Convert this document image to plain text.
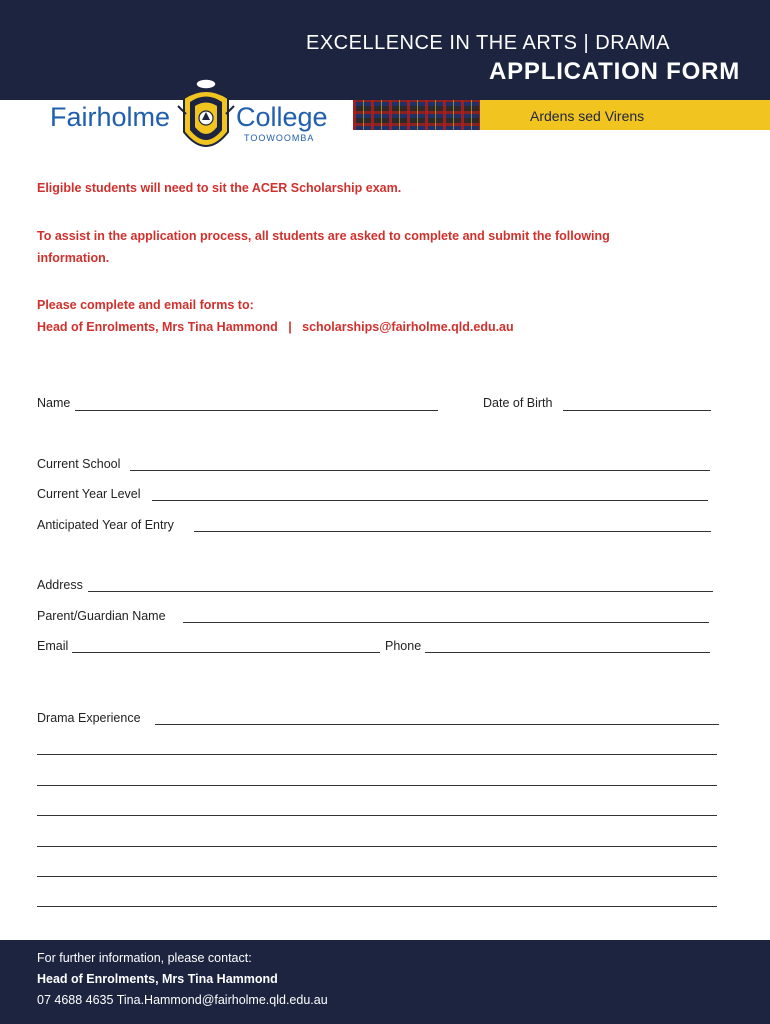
EXCELLENCE IN THE ARTS | DRAMA
APPLICATION FORM
Ardens sed Virens
Fairholme College
TOOWOOMBA
Eligible students will need to sit the ACER Scholarship exam.
To assist in the application process, all students are asked to complete and submit the following
information.
Please complete and email forms to:
Head of Enrolments, Mrs Tina Hammond   |   scholarships@fairholme.qld.edu.au
Name	Date of Birth
Current School
Current Year Level
Anticipated Year of Entry
Address
Parent/Guardian Name
Email	Phone
Drama Experience
For further information, please contact:
Head of Enrolments, Mrs Tina Hammond
07 4688 4635 Tina.Hammond@fairholme.qld.edu.au
